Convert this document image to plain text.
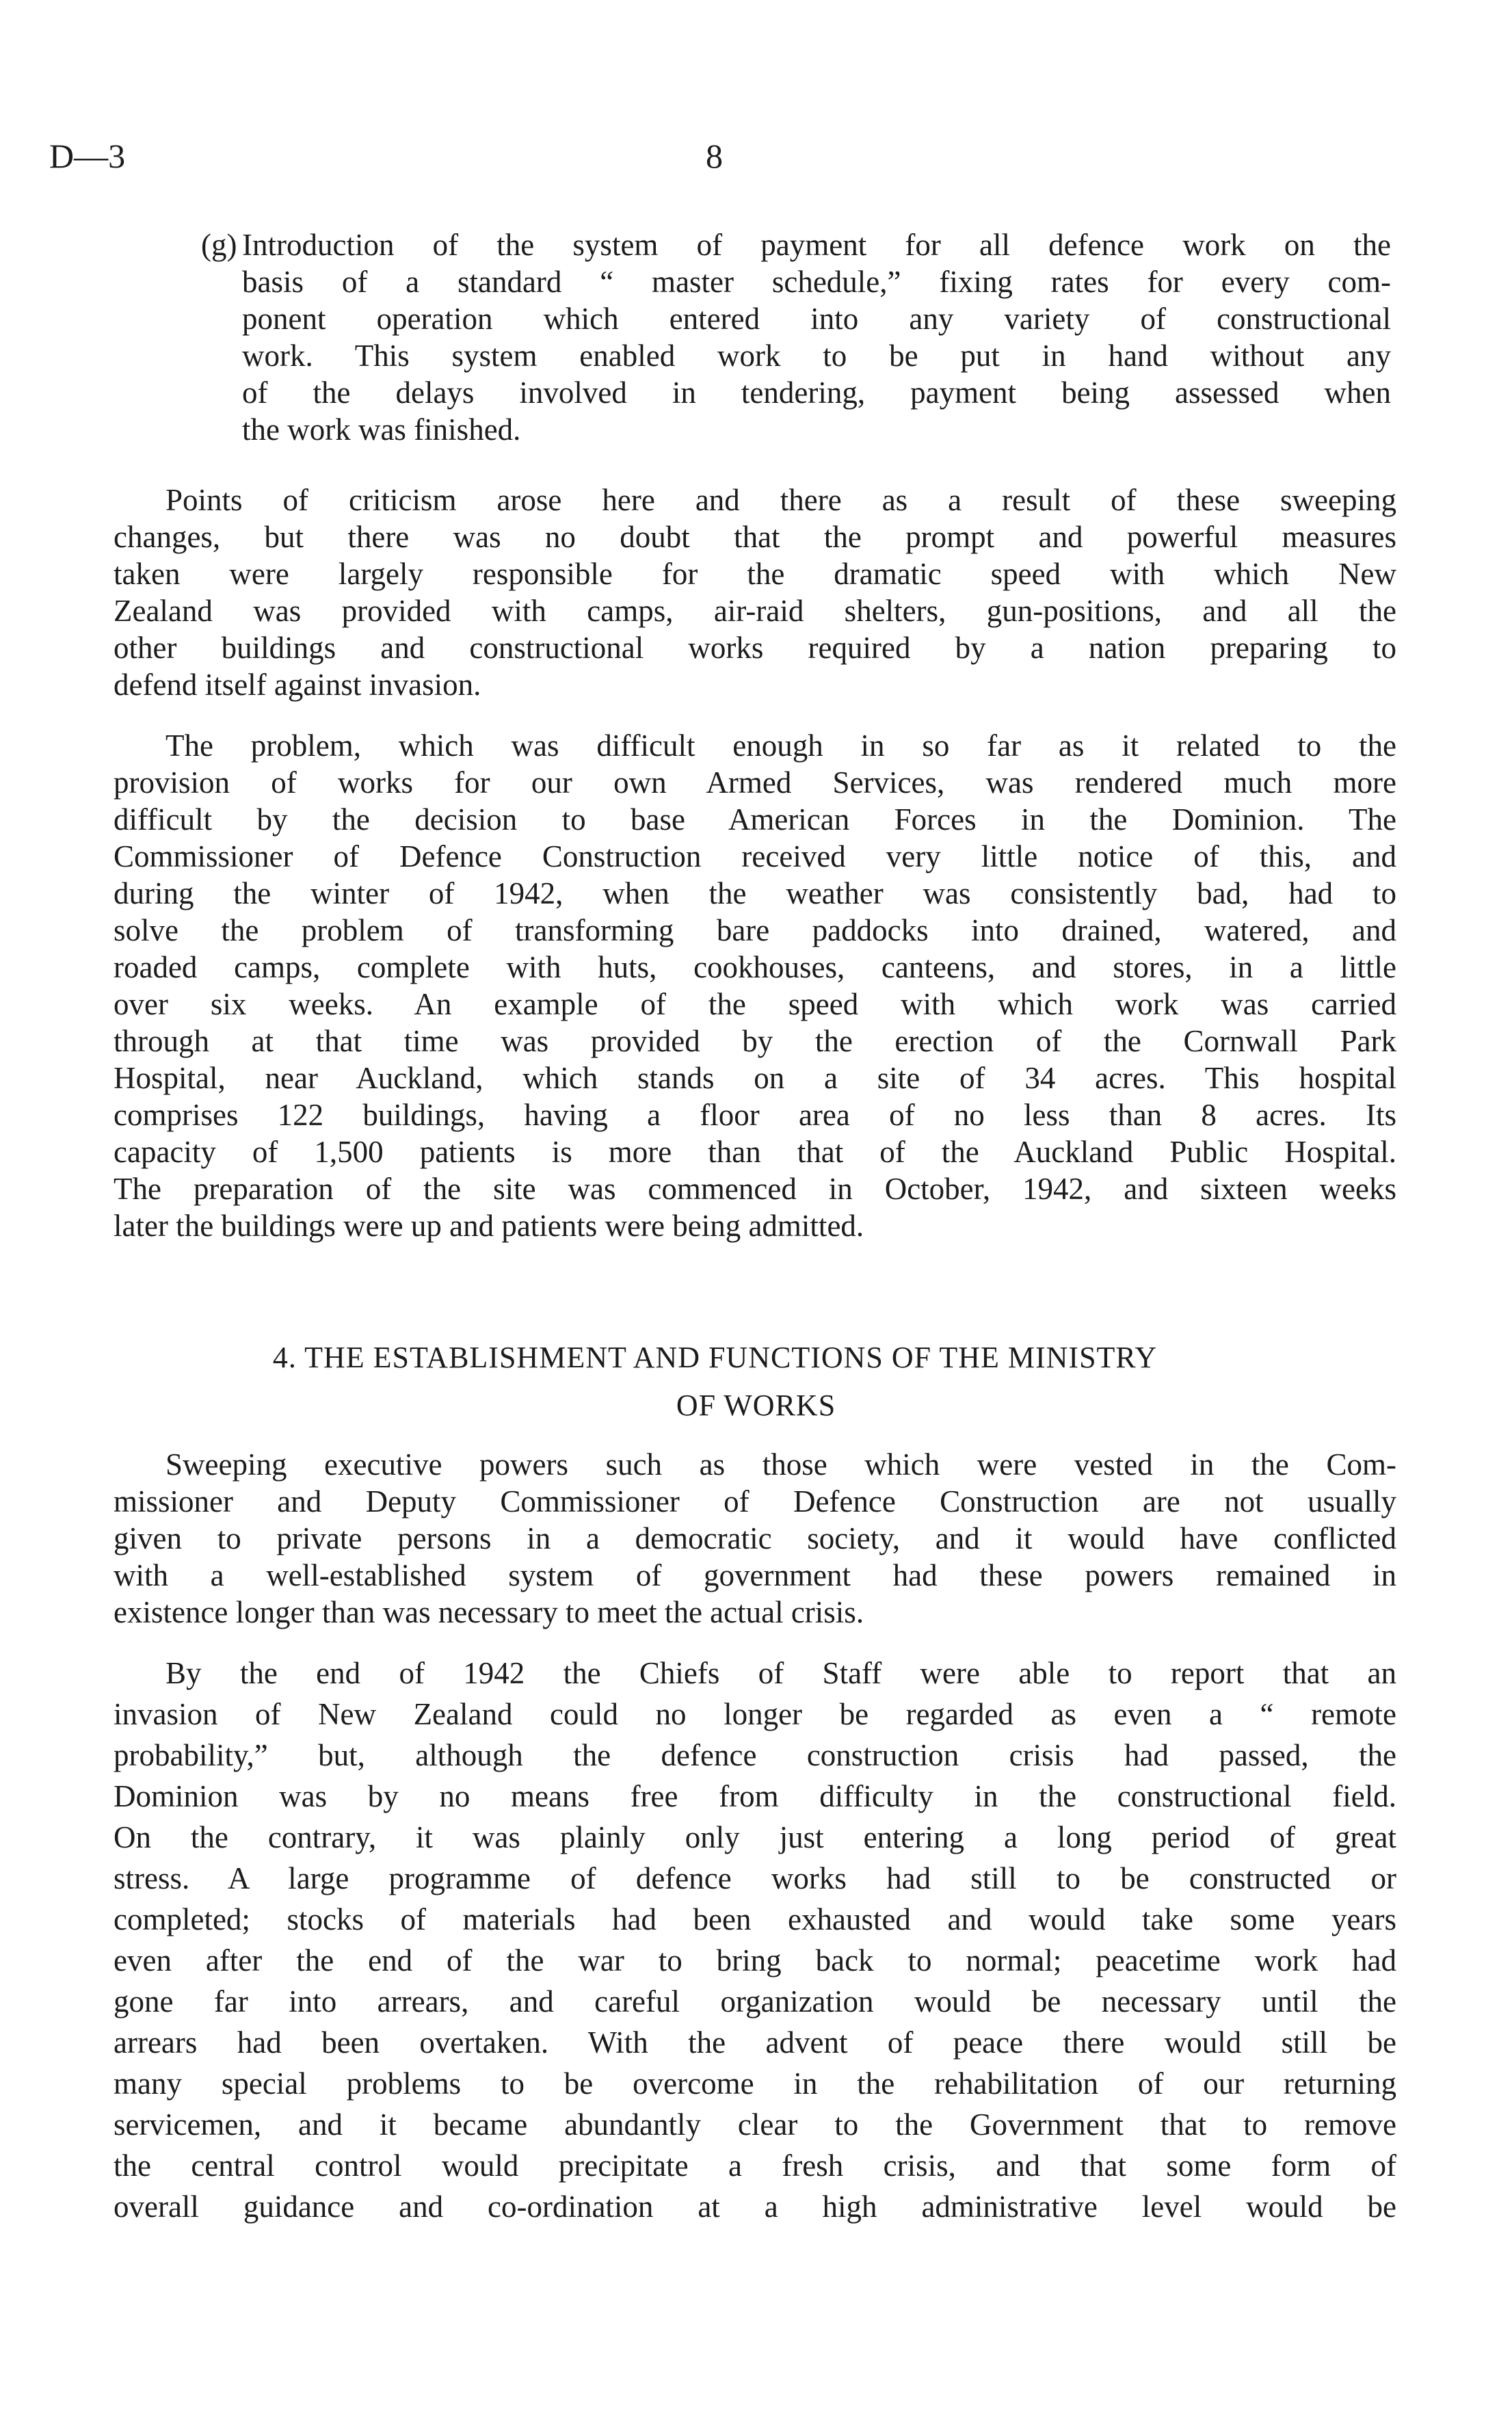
D—3	8
(g) Introduction of the system of payment for all defence work on the
basis of a standard “ master schedule,” fixing rates for every com-
ponent operation which entered into any variety of constructional
work. This system enabled work to be put in hand without any
of the delays involved in tendering, payment being assessed when
the work was finished.
Points of criticism arose here and there as a result of these sweeping
changes, but there was no doubt that the prompt and powerful measures
taken were largely responsible for the dramatic speed with which New
Zealand was provided with camps, air-raid shelters, gun-positions, and all the
other buildings and constructional works required by a nation preparing to
defend itself against invasion.
The problem, which was difficult enough in so far as it related to the
provision of works for our own Armed Services, was rendered much more
difficult by the decision to base American Forces in the Dominion. The
Commissioner of Defence Construction received very little notice of this, and
during the winter of 1942, when the weather was consistently bad, had to
solve the problem of transforming bare paddocks into drained, watered, and
roaded camps, complete with huts, cookhouses, canteens, and stores, in a little
over six weeks. An example of the speed with which work was carried
through at that time was provided by the erection of the Cornwall Park
Hospital, near Auckland, which stands on a site of 34 acres. This hospital
comprises 122 buildings, having a floor area of no less than 8 acres. Its
capacity of 1,500 patients is more than that of the Auckland Public Hospital.
The preparation of the site was commenced in October, 1942, and sixteen weeks
later the buildings were up and patients were being admitted.
4. THE ESTABLISHMENT AND FUNCTIONS OF THE MINISTRY
OF WORKS
Sweeping executive powers such as those which were vested in the Com-
missioner and Deputy Commissioner of Defence Construction are not usually
given to private persons in a democratic society, and it would have conflicted
with a well-established system of government had these powers remained in
existence longer than was necessary to meet the actual crisis.
By the end of 1942 the Chiefs of Staff were able to report that an
invasion of New Zealand could no longer be regarded as even a “ remote
probability,” but, although the defence construction crisis had passed, the
Dominion was by no means free from difficulty in the constructional field.
On the contrary, it was plainly only just entering a long period of great
stress. A large programme of defence works had still to be constructed or
completed; stocks of materials had been exhausted and would take some years
even after the end of the war to bring back to normal; peacetime work had
gone far into arrears, and careful organization would be necessary until the
arrears had been overtaken. With the advent of peace there would still be
many special problems to be overcome in the rehabilitation of our returning
servicemen, and it became abundantly clear to the Government that to remove
the central control would precipitate a fresh crisis, and that some form of
overall guidance and co-ordination at a high administrative level would be
